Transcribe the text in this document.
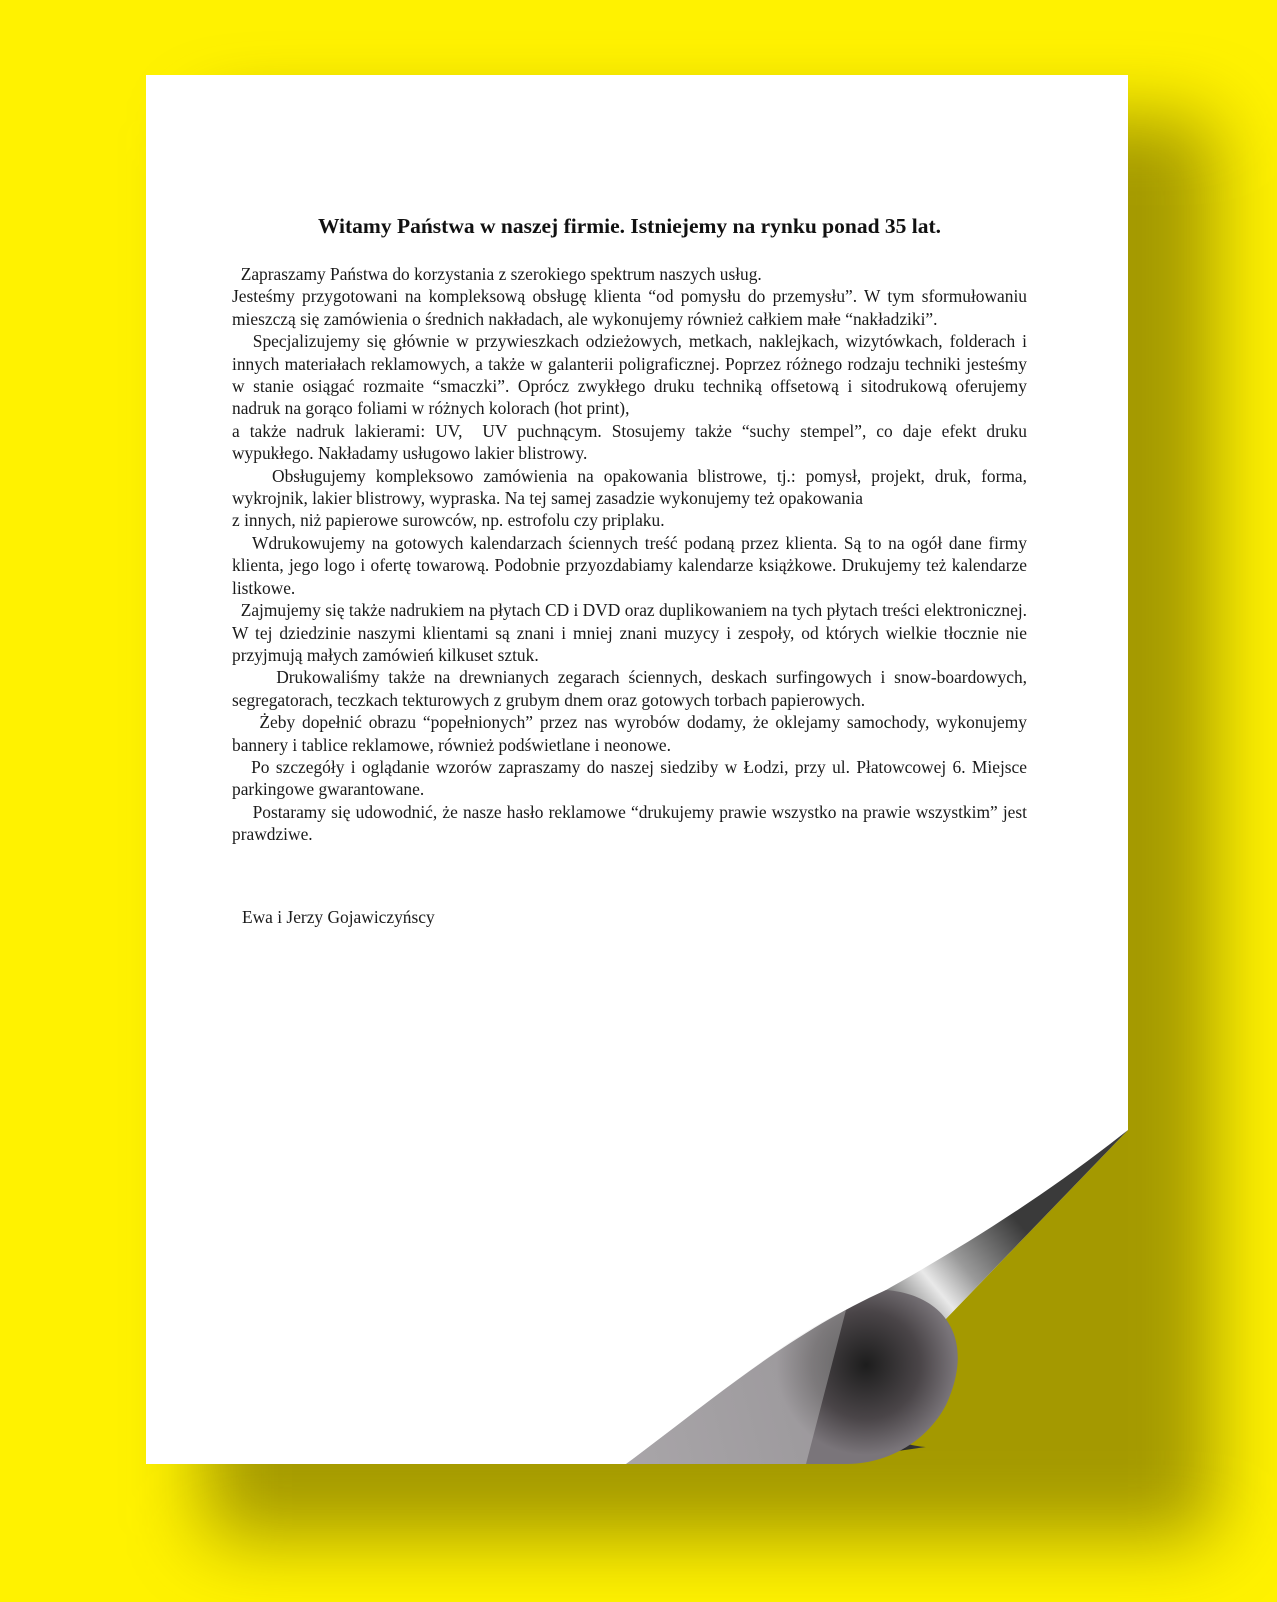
Witamy Państwa w naszej firmie. Istniejemy na rynku ponad 35 lat.

Zapraszamy Państwa do korzystania z szerokiego spektrum naszych usług.

Jesteśmy przygotowani na kompleksową obsługę klienta “od pomysłu do przemysłu”. W tym sformułowaniu mieszczą się zamówienia o średnich nakładach, ale wykonujemy również całkiem małe “nakładziki”.

Specjalizujemy się głównie w przywieszkach odzieżowych, metkach, naklejkach, wizytówkach, folderach i innych materiałach reklamowych, a także w galanterii poligraficznej. Poprzez różnego rodzaju techniki jesteśmy w stanie osiągać rozmaite “smaczki”. Oprócz zwykłego druku techniką offsetową i sitodrukową oferujemy nadruk na gorąco foliami w różnych kolorach (hot print),

a także nadruk lakierami: UV,  UV puchnącym. Stosujemy także “suchy stempel”, co daje efekt druku wypukłego. Nakładamy usługowo lakier blistrowy.

Obsługujemy kompleksowo zamówienia na opakowania blistrowe, tj.: pomysł, projekt, druk, forma, wykrojnik, lakier blistrowy, wypraska. Na tej samej zasadzie wykonujemy też opakowania

z innych, niż papierowe surowców, np. estrofolu czy priplaku.

Wdrukowujemy na gotowych kalendarzach ściennych treść podaną przez klienta. Są to na ogół dane firmy klienta, jego logo i ofertę towarową. Podobnie przyozdabiamy kalendarze książkowe. Drukujemy też kalendarze listkowe.

Zajmujemy się także nadrukiem na płytach CD i DVD oraz duplikowaniem na tych płytach treści elektronicznej. W tej dziedzinie naszymi klientami są znani i mniej znani muzycy i zespoły, od których wielkie tłocznie nie przyjmują małych zamówień kilkuset sztuk.

Drukowaliśmy także na drewnianych zegarach ściennych, deskach surfingowych i snow-boardowych, segregatorach, teczkach tekturowych z grubym dnem oraz gotowych torbach papierowych.

Żeby dopełnić obrazu “popełnionych” przez nas wyrobów dodamy, że oklejamy samochody, wykonujemy bannery i tablice reklamowe, również podświetlane i neonowe.

Po szczegóły i oglądanie wzorów zapraszamy do naszej siedziby w Łodzi, przy ul. Płatowcowej 6. Miejsce parkingowe gwarantowane.

Postaramy się udowodnić, że nasze hasło reklamowe “drukujemy prawie wszystko na prawie wszystkim” jest prawdziwe.

Ewa i Jerzy Gojawiczyńscy
